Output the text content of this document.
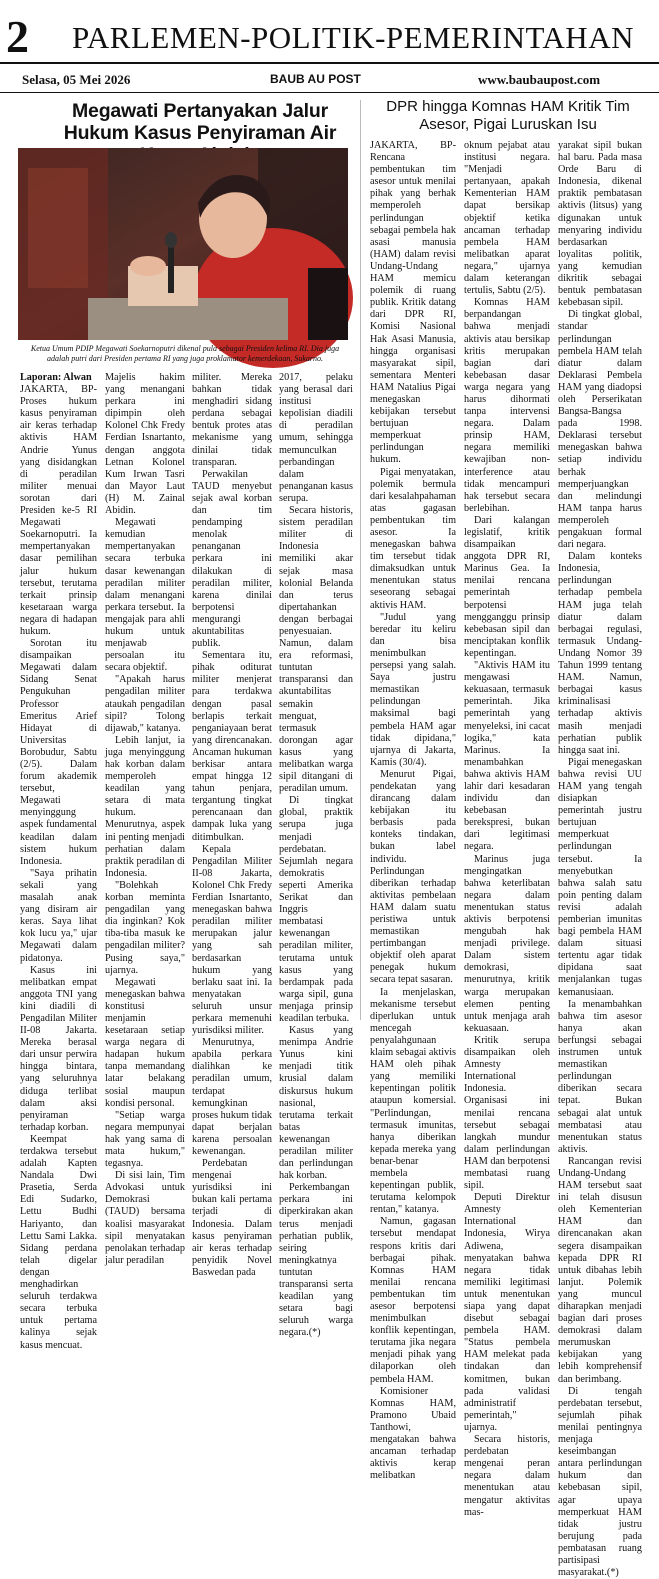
2 PARLEMEN-POLITIK-PEMERINTAHAN
Selasa, 05 Mei 2026	BAUB AU POST	www.baubaupost.com
Megawati Pertanyakan Jalur Hukum Kasus Penyiraman Air
Ketua Umum PDIP Megawati Soekarnoputri dikenal pula sebagai Presiden kelima RI. Dia juga adalah putri dari Presiden pertama RI yang juga proklamator kemerdekaan, Sukarno.

Laporan: Alwan

JAKARTA, BP-Proses hukum kasus penyiraman air keras terhadap aktivis HAM Andrie Yunus yang disidangkan di peradilan militer menuai sorotan dari Presiden ke-5 RI Megawati Soekarnoputri. Ia mempertanyakan dasar pemilihan jalur hukum tersebut, terutama terkait prinsip kesetaraan warga negara di hadapan hukum.

Sorotan itu disampaikan Megawati dalam Sidang Senat Pengukuhan Professor Emeritus Arief Hidayat di Universitas Borobudur, Sabtu (2/5). Dalam forum akademik tersebut, Megawati menyinggung aspek fundamental keadilan dalam sistem hukum Indonesia.

"Saya prihatin sekali yang masalah anak yang disiram air keras. Saya lihat kok lucu ya," ujar Megawati dalam pidatonya.

Kasus ini melibatkan empat anggota TNI yang kini diadili di Pengadilan Militer II-08 Jakarta. Mereka berasal dari unsur perwira hingga bintara, yang seluruhnya diduga terlibat dalam aksi penyiraman terhadap korban.

Keempat terdakwa tersebut adalah Kapten Nandala Dwi Prasetia, Serda Edi Sudarko, Lettu Budhi Hariyanto, dan Lettu Sami Lakka. Sidang perdana telah digelar dengan menghadirkan seluruh terdakwa secara terbuka untuk pertama kalinya sejak kasus mencuat.

Majelis hakim yang menangani perkara ini dipimpin oleh Kolonel Chk Fredy Ferdian Isnartanto, dengan anggota Letnan Kolonel Kum Irwan Tasri dan Mayor Laut (H) M. Zainal Abidin.

Megawati kemudian mempertanyakan secara terbuka dasar kewenangan peradilan militer dalam menangani perkara tersebut. Ia mengajak para ahli hukum untuk menjawab persoalan itu secara objektif.

"Apakah harus pengadilan militer ataukah pengadilan sipil? Tolong dijawab," katanya.

Lebih lanjut, ia juga menyinggung hak korban dalam memperoleh keadilan yang setara di mata hukum. Menurutnya, aspek ini penting menjadi perhatian dalam praktik peradilan di Indonesia.

"Bolehkah korban meminta pengadilan yang dia inginkan? Kok tiba-tiba masuk ke pengadilan militer? Pusing saya," ujarnya.

Megawati menegaskan bahwa konstitusi menjamin kesetaraan setiap warga negara di hadapan hukum tanpa memandang latar belakang sosial maupun kondisi personal.

"Setiap warga negara mempunyai hak yang sama di mata hukum," tegasnya.

Di sisi lain, Tim Advokasi untuk Demokrasi (TAUD) bersama koalisi masyarakat sipil menyatakan penolakan terhadap jalur peradilan

militer. Mereka bahkan tidak menghadiri sidang perdana sebagai bentuk protes atas mekanisme yang dinilai tidak transparan.

Perwakilan TAUD menyebut sejak awal korban dan tim pendamping menolak penanganan perkara ini dilakukan di peradilan militer, karena dinilai berpotensi mengurangi akuntabilitas publik.

Sementara itu, pihak oditurat militer menjerat para terdakwa dengan pasal berlapis terkait penganiayaan berat yang direncanakan. Ancaman hukuman berkisar antara empat hingga 12 tahun penjara, tergantung tingkat perencanaan dan dampak luka yang ditimbulkan.

Kepala Pengadilan Militer II-08 Jakarta, Kolonel Chk Fredy Ferdian Isnartanto, menegaskan bahwa peradilan militer merupakan jalur yang sah berdasarkan hukum yang berlaku saat ini. Ia menyatakan seluruh unsur perkara memenuhi yurisdiksi militer.

Menurutnya, apabila perkara dialihkan ke peradilan umum, terdapat kemungkinan proses hukum tidak dapat berjalan karena persoalan kewenangan.

Perdebatan mengenai yurisdiksi ini bukan kali pertama terjadi di Indonesia. Dalam kasus penyiraman air keras terhadap penyidik Novel Baswedan pada

2017, pelaku yang berasal dari institusi kepolisian diadili di peradilan umum, sehingga memunculkan perbandingan dalam penanganan kasus serupa.

Secara historis, sistem peradilan militer di Indonesia memiliki akar sejak masa kolonial Belanda dan terus dipertahankan dengan berbagai penyesuaian. Namun, dalam era reformasi, tuntutan transparansi dan akuntabilitas semakin menguat, termasuk dorongan agar kasus yang melibatkan warga sipil ditangani di peradilan umum.

Di tingkat global, praktik serupa juga menjadi perdebatan. Sejumlah negara demokratis seperti Amerika Serikat dan Inggris membatasi kewenangan peradilan militer, terutama untuk kasus yang berdampak pada warga sipil, guna menjaga prinsip keadilan terbuka.

Kasus yang menimpa Andrie Yunus kini menjadi titik krusial dalam diskursus hukum nasional, terutama terkait batas kewenangan peradilan militer dan perlindungan hak korban.

Perkembangan perkara ini diperkirakan akan terus menjadi perhatian publik, seiring meningkatnya tuntutan transparansi serta keadilan yang setara bagi seluruh warga negara.(*)

DPR hingga Komnas HAM Kritik Tim Asesor, Pigai Luruskan Isu

JAKARTA, BP-Rencana pembentukan tim asesor untuk menilai pihak yang berhak memperoleh perlindungan sebagai pembela hak asasi manusia (HAM) dalam revisi Undang-Undang HAM memicu polemik di ruang publik. Kritik datang dari DPR RI, Komisi Nasional Hak Asasi Manusia, hingga organisasi masyarakat sipil, sementara Menteri HAM Natalius Pigai menegaskan kebijakan tersebut bertujuan memperkuat perlindungan hukum.

Pigai menyatakan, polemik bermula dari kesalahpahaman atas gagasan pembentukan tim asesor. Ia menegaskan bahwa tim tersebut tidak dimaksudkan untuk menentukan status seseorang sebagai aktivis HAM.

"Judul yang beredar itu keliru dan bisa menimbulkan persepsi yang salah. Saya justru memastikan pelindungan maksimal bagi pembela HAM agar tidak dipidana," ujarnya di Jakarta, Kamis (30/4).

Menurut Pigai, pendekatan yang dirancang dalam kebijakan itu berbasis pada konteks tindakan, bukan label individu. Perlindungan diberikan terhadap aktivitas pembelaan HAM dalam suatu peristiwa untuk memastikan pertimbangan objektif oleh aparat penegak hukum secara tepat sasaran.

Ia menjelaskan, mekanisme tersebut diperlukan untuk mencegah penyalahgunaan klaim sebagai aktivis HAM oleh pihak yang memiliki kepentingan politik ataupun komersial. "Perlindungan, termasuk imunitas, hanya diberikan kepada mereka yang benar-benar membela kepentingan publik, terutama kelompok rentan," katanya.

Namun, gagasan tersebut mendapat respons kritis dari berbagai pihak. Komnas HAM menilai rencana pembentukan tim asesor berpotensi menimbulkan konflik kepentingan, terutama jika negara menjadi pihak yang dilaporkan oleh pembela HAM.

Komisioner Komnas HAM, Pramono Ubaid Tanthowi, mengatakan bahwa ancaman terhadap aktivis kerap melibatkan

oknum pejabat atau institusi negara. "Menjadi pertanyaan, apakah Kementerian HAM dapat bersikap objektif ketika ancaman terhadap pembela HAM melibatkan aparat negara," ujarnya dalam keterangan tertulis, Sabtu (2/5).

Komnas HAM berpandangan bahwa menjadi aktivis atau bersikap kritis merupakan bagian dari kebebasan dasar warga negara yang harus dihormati tanpa intervensi negara. Dalam prinsip HAM, negara memiliki kewajiban non-interference atau tidak mencampuri hak tersebut secara berlebihan.

Dari kalangan legislatif, kritik disampaikan anggota DPR RI, Marinus Gea. Ia menilai rencana pemerintah berpotensi mengganggu prinsip kebebasan sipil dan menciptakan konflik kepentingan.

"Aktivis HAM itu mengawasi kekuasaan, termasuk pemerintah. Jika pemerintah yang menyeleksi, ini cacat logika," kata Marinus. Ia menambahkan bahwa aktivis HAM lahir dari kesadaran individu dan kebebasan berekspresi, bukan dari legitimasi negara.

Marinus juga mengingatkan bahwa keterlibatan negara dalam menentukan status aktivis berpotensi mengubah hak menjadi privilege. Dalam sistem demokrasi, menurutnya, kritik warga merupakan elemen penting untuk menjaga arah kekuasaan.

Kritik serupa disampaikan oleh Amnesty International Indonesia. Organisasi ini menilai rencana tersebut sebagai langkah mundur dalam perlindungan HAM dan berpotensi membatasi ruang sipil.

Deputi Direktur Amnesty International Indonesia, Wirya Adiwena, menyatakan bahwa negara tidak memiliki legitimasi untuk menentukan siapa yang dapat disebut sebagai pembela HAM. "Status pembela HAM melekat pada tindakan dan komitmen, bukan pada validasi administratif pemerintah," ujarnya.

Secara historis, perdebatan mengenai peran negara dalam menentukan atau mengatur aktivitas mas-

yarakat sipil bukan hal baru. Pada masa Orde Baru di Indonesia, dikenal praktik pembatasan aktivis (litsus) yang digunakan untuk menyaring individu berdasarkan loyalitas politik, yang kemudian dikritik sebagai bentuk pembatasan kebebasan sipil.

Di tingkat global, standar perlindungan pembela HAM telah diatur dalam Deklarasi Pembela HAM yang diadopsi oleh Perserikatan Bangsa-Bangsa pada 1998. Deklarasi tersebut menegaskan bahwa setiap individu berhak memperjuangkan dan melindungi HAM tanpa harus memperoleh pengakuan formal dari negara.

Dalam konteks Indonesia, perlindungan terhadap pembela HAM juga telah diatur dalam berbagai regulasi, termasuk Undang-Undang Nomor 39 Tahun 1999 tentang HAM. Namun, berbagai kasus kriminalisasi terhadap aktivis masih menjadi perhatian publik hingga saat ini.

Pigai menegaskan bahwa revisi UU HAM yang tengah disiapkan pemerintah justru bertujuan memperkuat perlindungan tersebut. Ia menyebutkan bahwa salah satu poin penting dalam revisi adalah pemberian imunitas bagi pembela HAM dalam situasi tertentu agar tidak dipidana saat menjalankan tugas kemanusiaan.

Ia menambahkan bahwa tim asesor hanya akan berfungsi sebagai instrumen untuk memastikan perlindungan diberikan secara tepat. Bukan sebagai alat untuk membatasi atau menentukan status aktivis.

Rancangan revisi Undang-Undang HAM tersebut saat ini telah disusun oleh Kementerian HAM dan direncanakan akan segera disampaikan kepada DPR RI untuk dibahas lebih lanjut. Polemik yang muncul diharapkan menjadi bagian dari proses demokrasi dalam merumuskan kebijakan yang lebih komprehensif dan berimbang.

Di tengah perdebatan tersebut, sejumlah pihak menilai pentingnya menjaga keseimbangan antara perlindungan hukum dan kebebasan sipil, agar upaya memperkuat HAM tidak justru berujung pada pembatasan ruang partisipasi masyarakat.(*)
